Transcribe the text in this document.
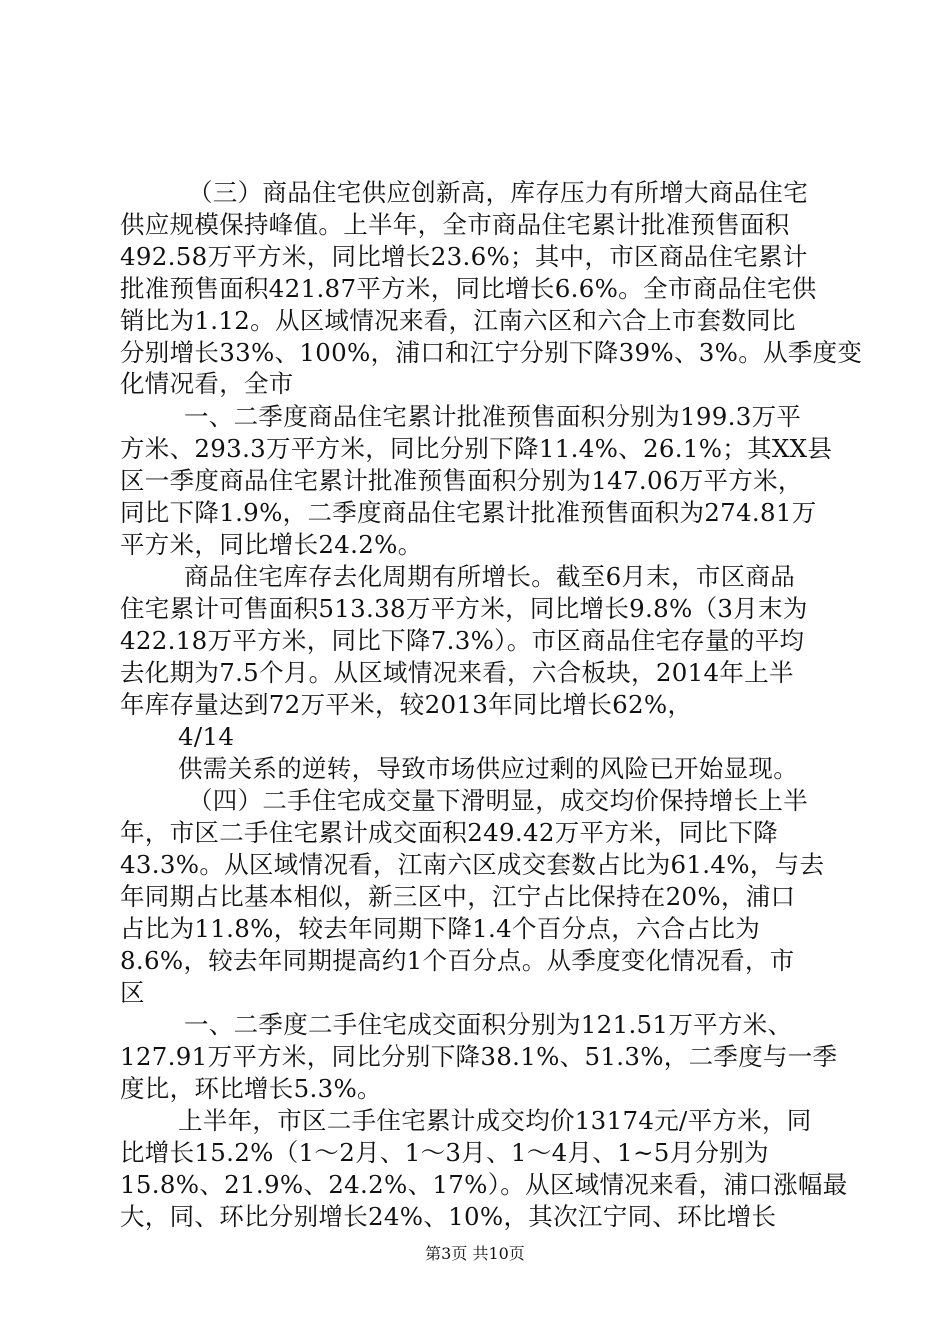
（三）商品住宅供应创新高，库存压力有所增大商品住宅
供应规模保持峰值。上半年，全市商品住宅累计批准预售面积
492.58万平方米，同比增长23.6%；其中，市区商品住宅累计
批准预售面积421.87平方米，同比增长6.6%。全市商品住宅供
销比为1.12。从区域情况来看，江南六区和六合上市套数同比
分别增长33%、100%，浦口和江宁分别下降39%、3%。从季度变
化情况看，全市
一、二季度商品住宅累计批准预售面积分别为199.3万平
方米、293.3万平方米，同比分别下降11.4%、26.1%；其XX县
区一季度商品住宅累计批准预售面积分别为147.06万平方米，
同比下降1.9%，二季度商品住宅累计批准预售面积为274.81万
平方米，同比增长24.2%。
商品住宅库存去化周期有所增长。截至6月末，市区商品
住宅累计可售面积513.38万平方米，同比增长9.8%（3月末为
422.18万平方米，同比下降7.3%）。市区商品住宅存量的平均
去化期为7.5个月。从区域情况来看，六合板块，2014年上半
年库存量达到72万平米，较2013年同比增长62%，
4/14
供需关系的逆转，导致市场供应过剩的风险已开始显现。
（四）二手住宅成交量下滑明显，成交均价保持增长上半
年，市区二手住宅累计成交面积249.42万平方米，同比下降
43.3%。从区域情况看，江南六区成交套数占比为61.4%，与去
年同期占比基本相似，新三区中，江宁占比保持在20%，浦口
占比为11.8%，较去年同期下降1.4个百分点，六合占比为
8.6%，较去年同期提高约1个百分点。从季度变化情况看，市
区
一、二季度二手住宅成交面积分别为121.51万平方米、
127.91万平方米，同比分别下降38.1%、51.3%，二季度与一季
度比，环比增长5.3%。
上半年，市区二手住宅累计成交均价13174元/平方米，同
比增长15.2%（1～2月、1～3月、1～4月、1~5月分别为
15.8%、21.9%、24.2%、17%）。从区域情况来看，浦口涨幅最
大，同、环比分别增长24%、10%，其次江宁同、环比增长
第3页 共10页
